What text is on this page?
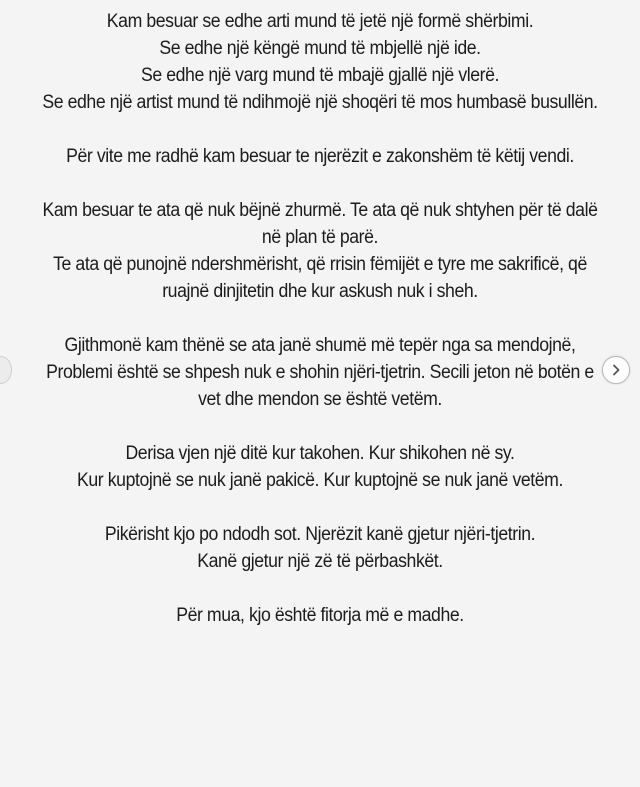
Kam besuar se edhe arti mund të jetë një formë shërbimi.
Se edhe një këngë mund të mbjellë një ide.
Se edhe një varg mund të mbajë gjallë një vlerë.
Se edhe një artist mund të ndihmojë një shoqëri të mos humbasë busullën.

Për vite me radhë kam besuar te njerëzit e zakonshëm të këtij vendi.

Kam besuar te ata që nuk bëjnë zhurmë. Te ata që nuk shtyhen për të dalë
në plan të parë.
Te ata që punojnë ndershmërisht, që rrisin fëmijët e tyre me sakrificë, që
ruajnë dinjitetin dhe kur askush nuk i sheh.

Gjithmonë kam thënë se ata janë shumë më tepër nga sa mendojnë,
Problemi është se shpesh nuk e shohin njëri-tjetrin. Secili jeton në botën e
vet dhe mendon se është vetëm.

Derisa vjen një ditë kur takohen. Kur shikohen në sy.
Kur kuptojnë se nuk janë pakicë. Kur kuptojnë se nuk janë vetëm.

Pikërisht kjo po ndodh sot. Njerëzit kanë gjetur njëri-tjetrin.
Kanë gjetur një zë të përbashkët.

Për mua, kjo është fitorja më e madhe.
